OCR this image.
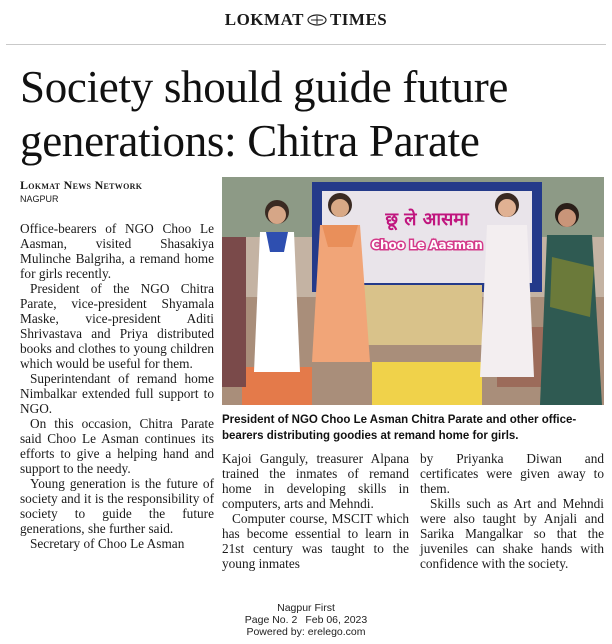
LOKMAT TIMES
Society should guide future generations: Chitra Parate
Lokmat News Network
NAGPUR

Office-bearers of NGO Choo Le Aasman, visited Shasakiya Mulinche Balgriha, a remand home for girls recently.

President of the NGO Chitra Parate, vice-president Shyamala Maske, vice-president Aditi Shrivastava and Priya distributed books and clothes to young children which would be useful for them.

Superintendant of remand home Nimbalkar extended full support to NGO.

On this occasion, Chitra Parate said Choo Le Asman continues its efforts to give a helping hand and support to the needy.

Young generation is the future of society and it is the responsibility of society to guide the future generations, she further said.

Secretary of Choo Le Asman

छू ले आसमा
Choo Le Aasman
President of NGO Choo Le Asman Chitra Parate and other office-bearers distributing goodies at remand home for girls.

Kajoi Ganguly, treasurer Alpana trained the inmates of remand home in developing skills in computers, arts and Mehndi.

Computer course, MSCIT which has become essential to learn in 21st century was taught to the young inmates

by Priyanka Diwan and certificates were given away to them.

Skills such as Art and Mehndi were also taught by Anjali and Sarika Mangalkar so that the juveniles can shake hands with confidence with the society.

Nagpur First
Page No. 2 Feb 06, 2023
Powered by: erelego.com
